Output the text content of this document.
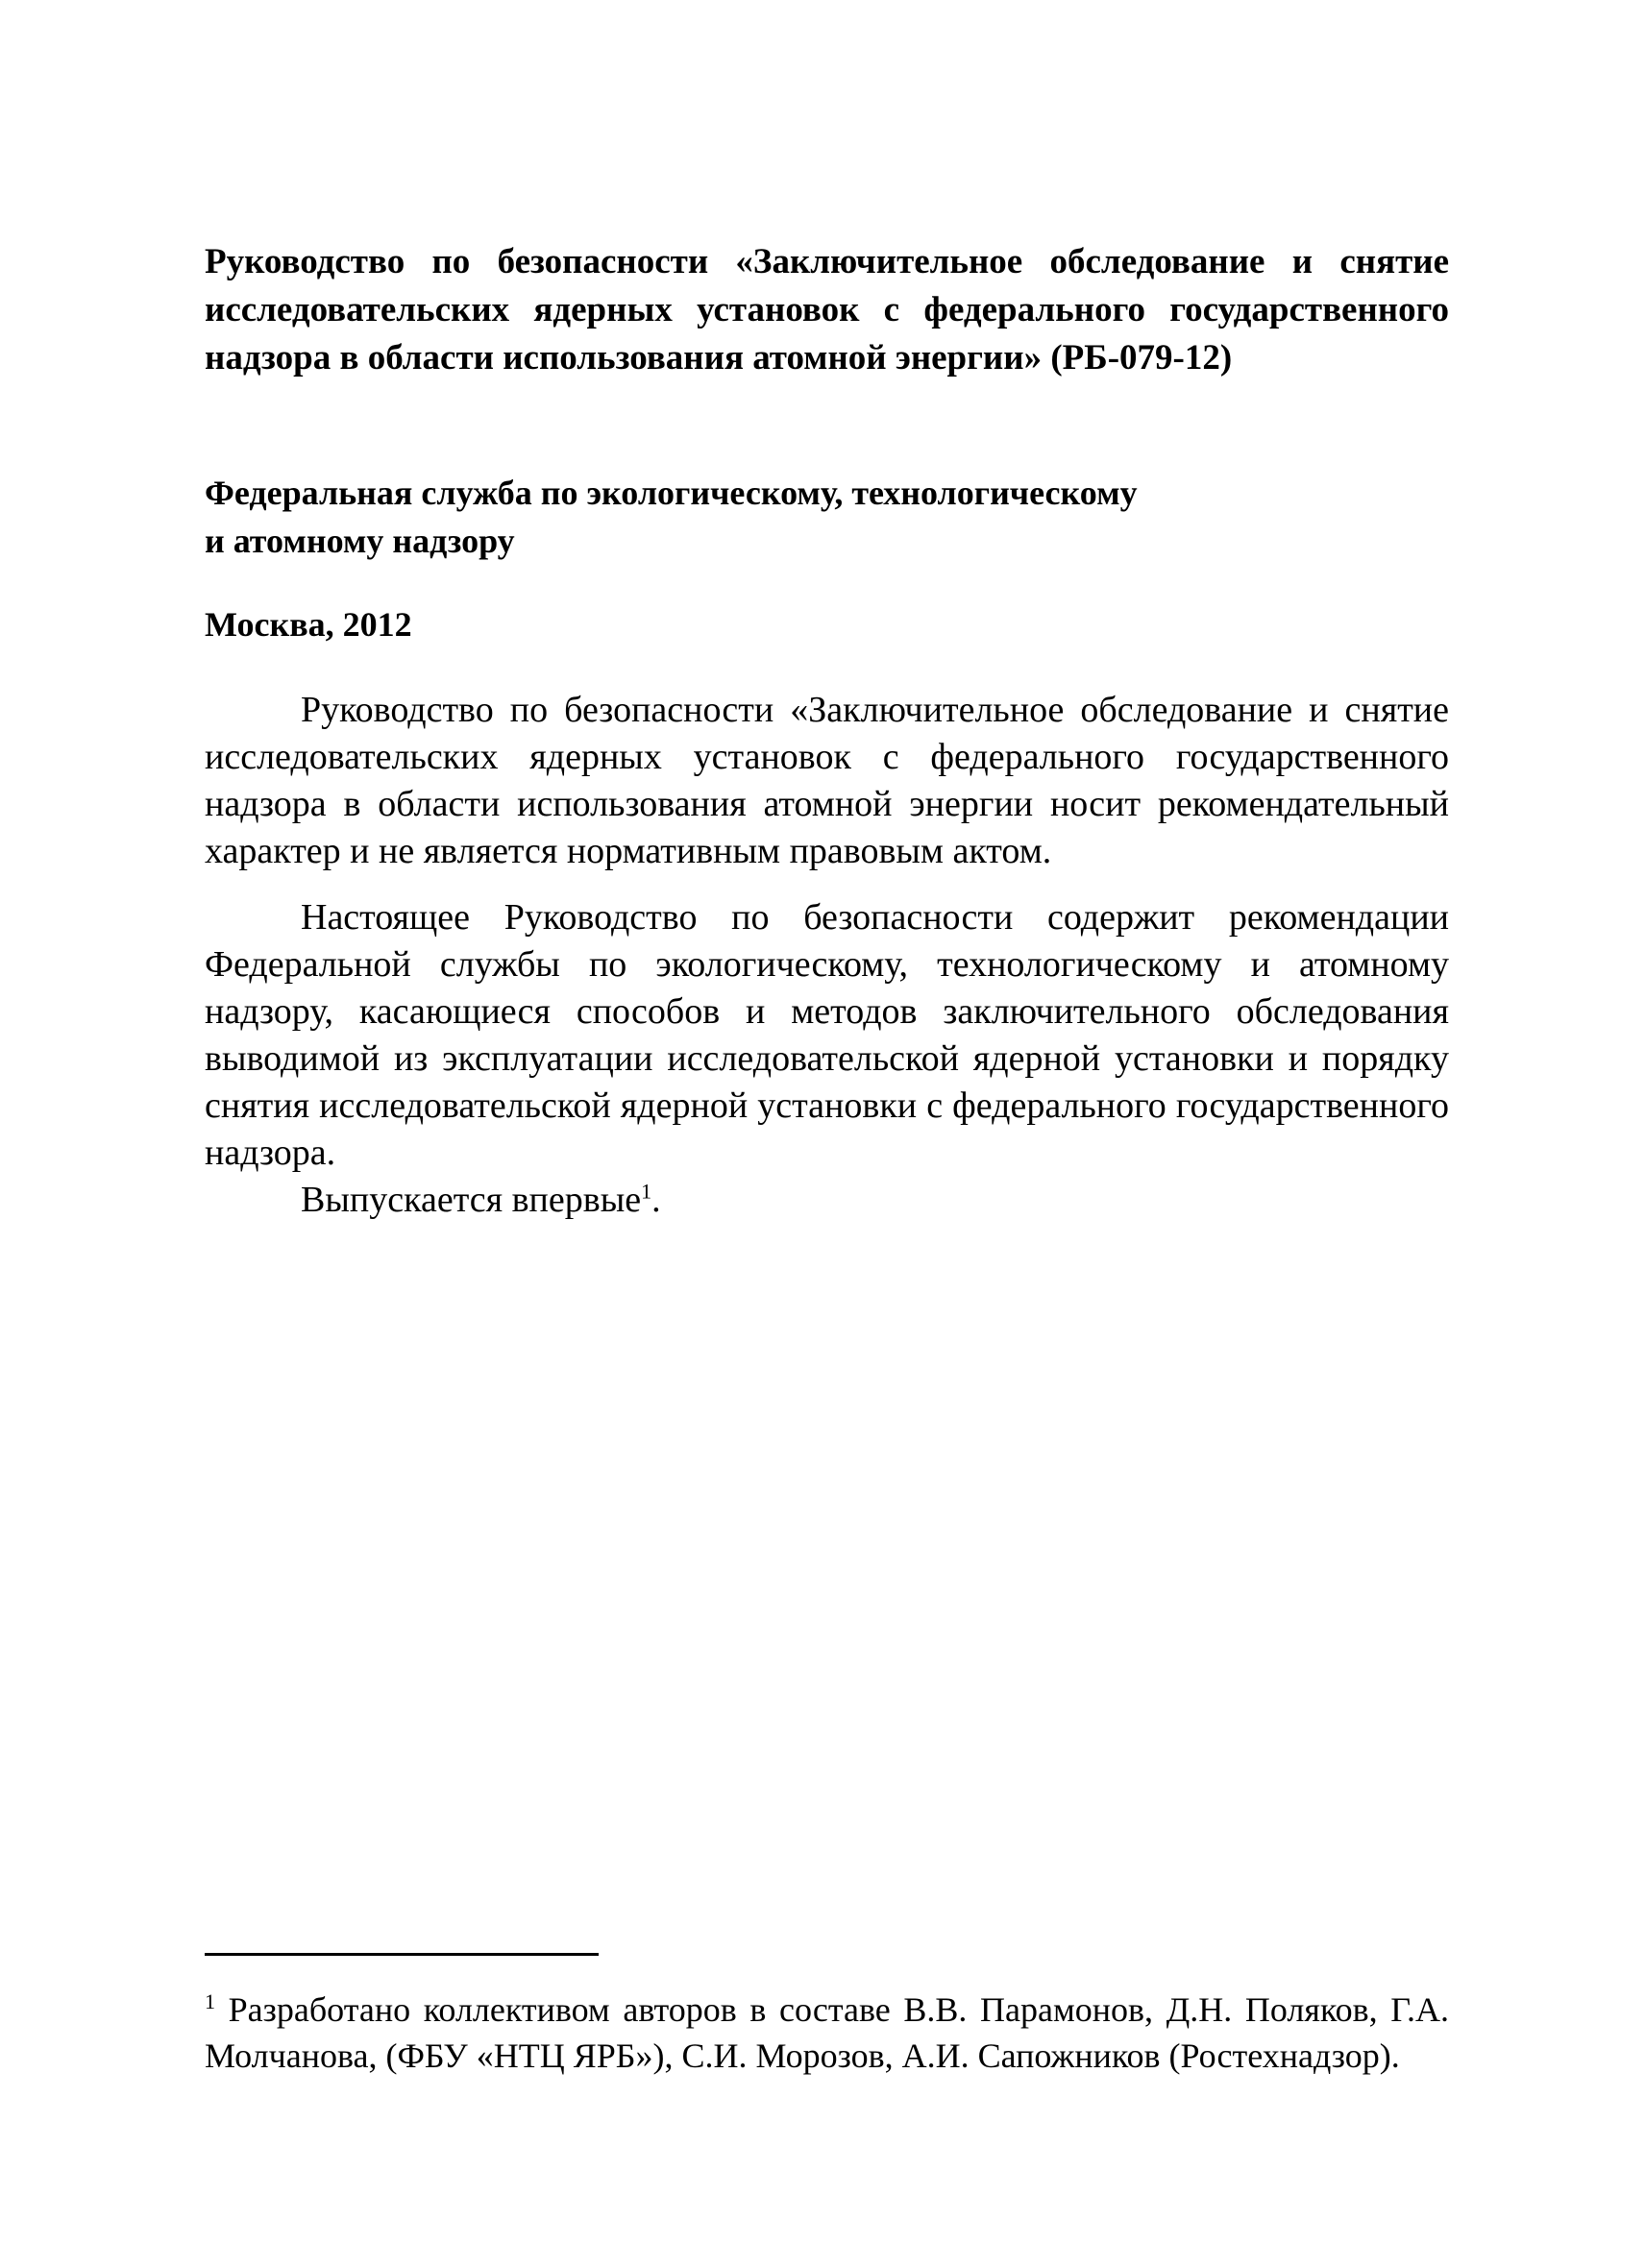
Руководство по безопасности «Заключительное обследование и снятие исследовательских ядерных установок с федерального государственного надзора в области использования атомной энергии» (РБ-079-12)

Федеральная служба по экологическому, технологическому
и атомному надзору

Москва, 2012

Руководство по безопасности «Заключительное обследование и снятие исследовательских ядерных установок с федерального государственного надзора в области использования атомной энергии носит рекомендательный характер и не является нормативным правовым актом.

Настоящее Руководство по безопасности содержит рекомендации Федеральной службы по экологическому, технологическому и атомному надзору, касающиеся способов и методов заключительного обследования выводимой из эксплуатации исследовательской ядерной установки и порядку снятия исследовательской ядерной установки с федерального государственного надзора.

Выпускается впервые$^1$.

$^1$ Разработано коллективом авторов в составе В.В. Парамонов, Д.Н. Поляков, Г.А. Молчанова, (ФБУ «НТЦ ЯРБ»), С.И. Морозов, А.И. Сапожников (Ростехнадзор).
